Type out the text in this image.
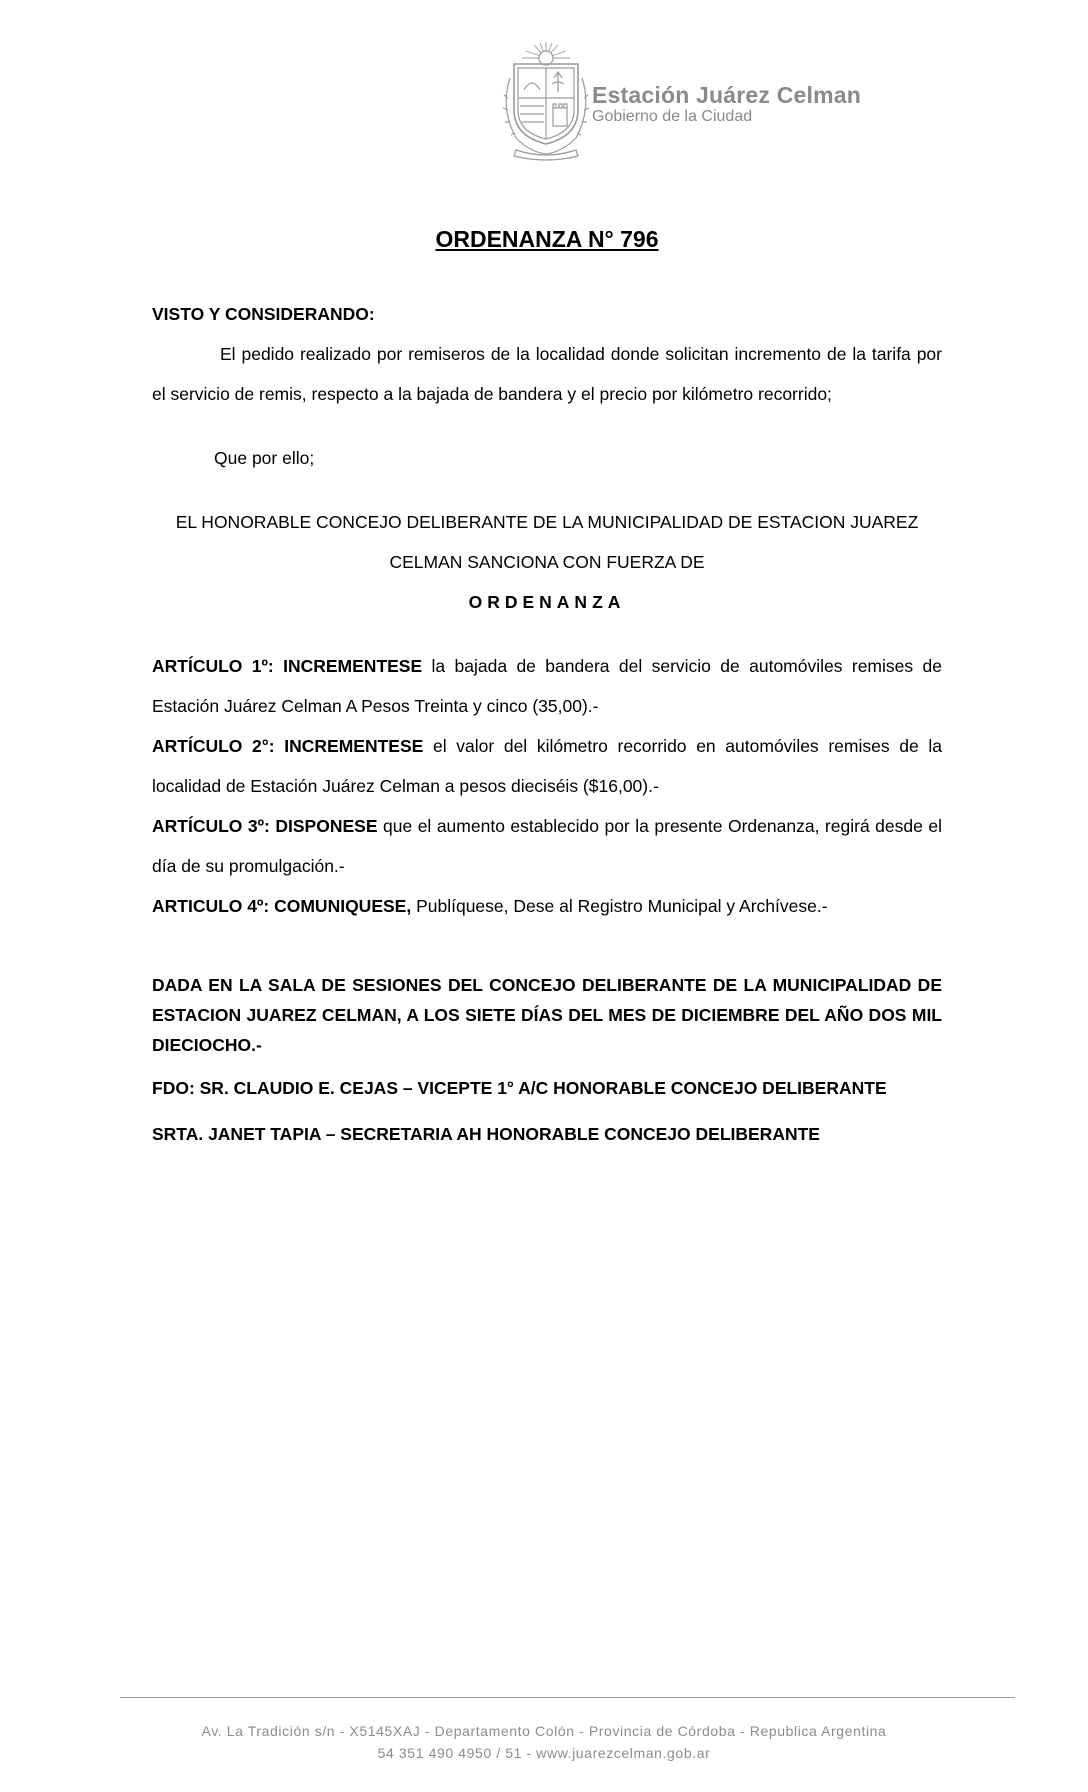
Estación Juárez Celman
Gobierno de la Ciudad
ORDENANZA N° 796

VISTO Y CONSIDERANDO:

El pedido realizado por remiseros de la localidad donde solicitan incremento de la tarifa por el servicio de remis, respecto a la bajada de bandera y el precio por kilómetro recorrido;

Que por ello;

EL HONORABLE CONCEJO DELIBERANTE DE LA MUNICIPALIDAD DE ESTACION JUAREZ

CELMAN SANCIONA CON FUERZA DE

ORDENANZA

ARTÍCULO 1º: INCREMENTESE la bajada de bandera del servicio de automóviles remises de Estación Juárez Celman A Pesos Treinta y cinco (35,00).-

ARTÍCULO 2°: INCREMENTESE el valor del kilómetro recorrido en automóviles remises de la localidad de Estación Juárez Celman a pesos dieciséis ($16,00).-

ARTÍCULO 3º: DISPONESE que el aumento establecido por la presente Ordenanza, regirá desde el día de su promulgación.-

ARTICULO 4º: COMUNIQUESE, Publíquese, Dese al Registro Municipal y Archívese.-

DADA EN LA SALA DE SESIONES DEL CONCEJO DELIBERANTE DE LA MUNICIPALIDAD DE ESTACION JUAREZ CELMAN, A LOS SIETE DÍAS DEL MES DE DICIEMBRE DEL AÑO DOS MIL DIECIOCHO.-

FDO: SR. CLAUDIO E. CEJAS – VICEPTE 1° A/C HONORABLE CONCEJO DELIBERANTE

SRTA. JANET TAPIA – SECRETARIA AH HONORABLE CONCEJO DELIBERANTE

Av. La Tradición s/n - X5145XAJ - Departamento Colón - Provincia de Córdoba - Republica Argentina
54 351 490 4950 / 51 - www.juarezcelman.gob.ar
